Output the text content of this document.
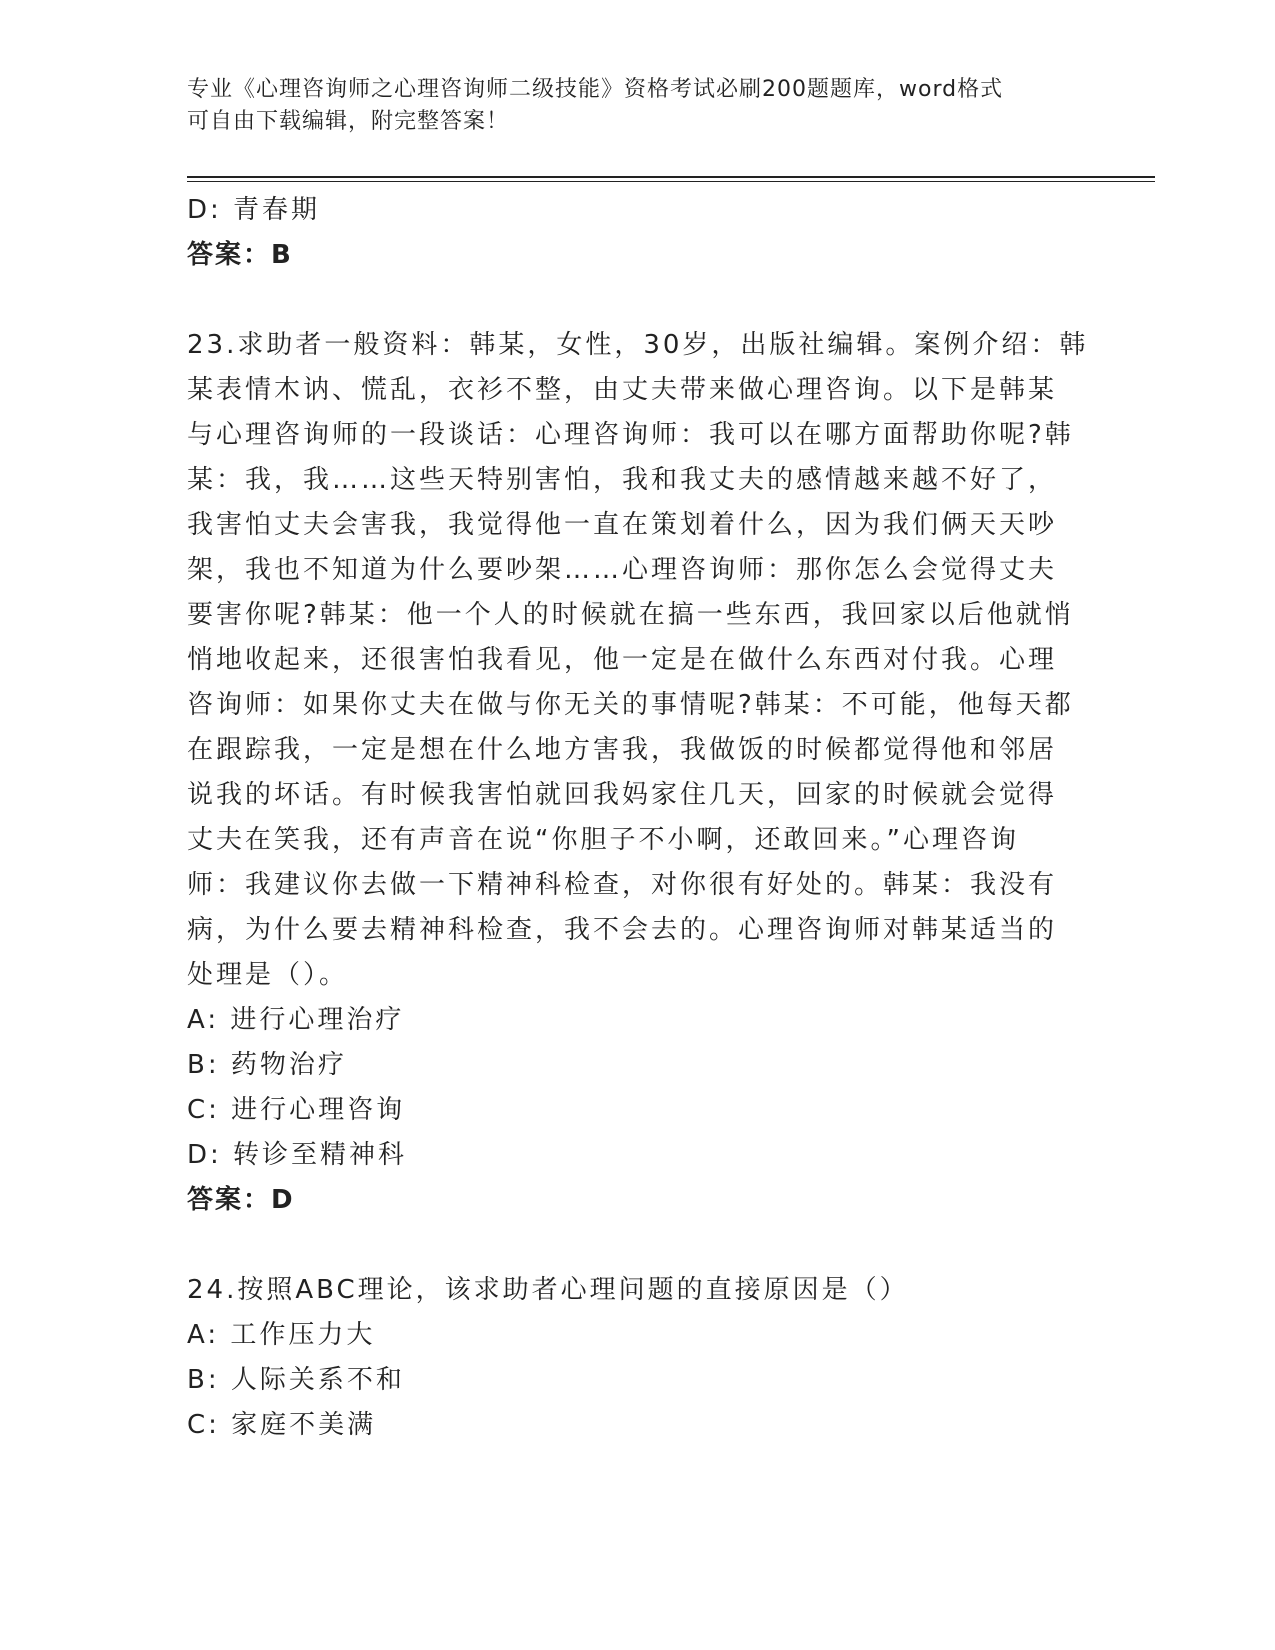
专业《心理咨询师之心理咨询师二级技能》资格考试必刷200题题库，word格式
可自由下载编辑，附完整答案！
D: 青春期
答案：B
23.求助者一般资料：韩某，女性，30岁，出版社编辑。案例介绍：韩
某表情木讷、慌乱，衣衫不整，由丈夫带来做心理咨询。以下是韩某
与心理咨询师的一段谈话：心理咨询师：我可以在哪方面帮助你呢?韩
某：我，我……这些天特别害怕，我和我丈夫的感情越来越不好了，
我害怕丈夫会害我，我觉得他一直在策划着什么，因为我们俩天天吵
架，我也不知道为什么要吵架……心理咨询师：那你怎么会觉得丈夫
要害你呢?韩某：他一个人的时候就在搞一些东西，我回家以后他就悄
悄地收起来，还很害怕我看见，他一定是在做什么东西对付我。心理
咨询师：如果你丈夫在做与你无关的事情呢?韩某：不可能，他每天都
在跟踪我，一定是想在什么地方害我，我做饭的时候都觉得他和邻居
说我的坏话。有时候我害怕就回我妈家住几天，回家的时候就会觉得
丈夫在笑我，还有声音在说“你胆子不小啊，还敢回来。”心理咨询
师：我建议你去做一下精神科检查，对你很有好处的。韩某：我没有
病，为什么要去精神科检查，我不会去的。心理咨询师对韩某适当的
处理是（）。
A: 进行心理治疗
B: 药物治疗
C: 进行心理咨询
D: 转诊至精神科
答案：D
24.按照ABC理论，该求助者心理问题的直接原因是（）
A: 工作压力大
B: 人际关系不和
C: 家庭不美满
